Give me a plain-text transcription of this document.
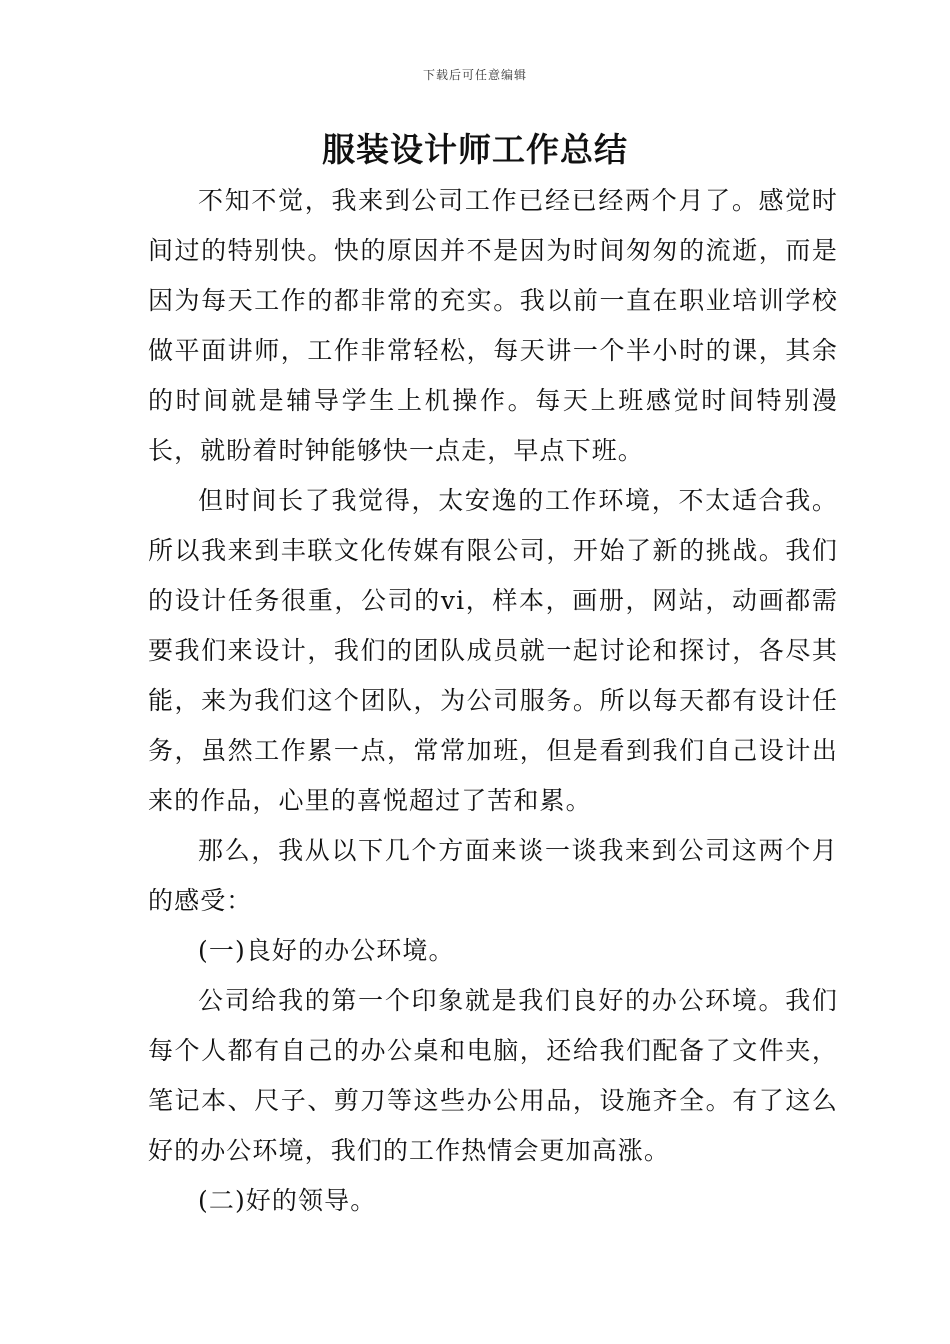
下载后可任意编辑
服装设计师工作总结

不知不觉，我来到公司工作已经已经两个月了。感觉时间过的特别快。快的原因并不是因为时间匆匆的流逝，而是因为每天工作的都非常的充实。我以前一直在职业培训学校做平面讲师，工作非常轻松，每天讲一个半小时的课，其余的时间就是辅导学生上机操作。每天上班感觉时间特别漫长，就盼着时钟能够快一点走，早点下班。

但时间长了我觉得，太安逸的工作环境，不太适合我。所以我来到丰联文化传媒有限公司，开始了新的挑战。我们的设计任务很重，公司的vi，样本，画册，网站，动画都需要我们来设计，我们的团队成员就一起讨论和探讨，各尽其能，来为我们这个团队，为公司服务。所以每天都有设计任务，虽然工作累一点，常常加班，但是看到我们自己设计出来的作品，心里的喜悦超过了苦和累。

那么，我从以下几个方面来谈一谈我来到公司这两个月的感受：

(一)良好的办公环境。

公司给我的第一个印象就是我们良好的办公环境。我们每个人都有自己的办公桌和电脑，还给我们配备了文件夹，笔记本、尺子、剪刀等这些办公用品，设施齐全。有了这么好的办公环境，我们的工作热情会更加高涨。

(二)好的领导。
